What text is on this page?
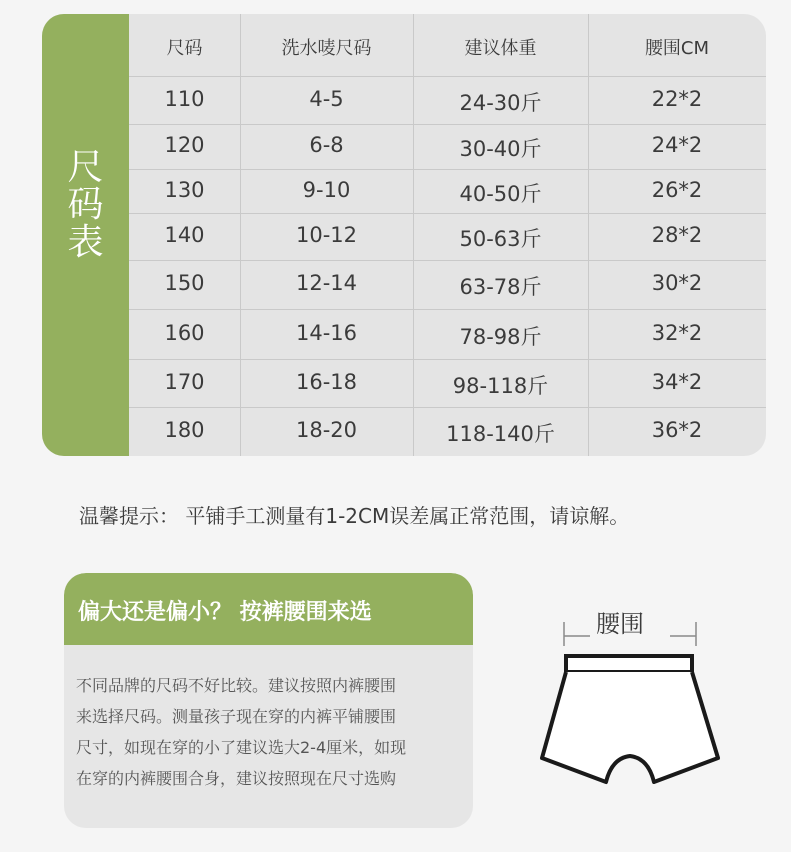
尺
码
表
尺码	洗水唛尺码	建议体重	腰围CM
110	4-5	24-30斤	22*2
120	6-8	30-40斤	24*2
130	9-10	40-50斤	26*2
140	10-12	50-63斤	28*2
150	12-14	63-78斤	30*2
160	14-16	78-98斤	32*2
170	16-18	98-118斤	34*2
180	18-20	118-140斤	36*2
温馨提示： 平铺手工测量有1-2CM误差属正常范围，请谅解。
偏大还是偏小？ 按裤腰围来选
不同品牌的尺码不好比较。建议按照内裤腰围
来选择尺码。测量孩子现在穿的内裤平铺腰围
尺寸，如现在穿的小了建议选大2-4厘米，如现
在穿的内裤腰围合身，建议按照现在尺寸选购
腰围
